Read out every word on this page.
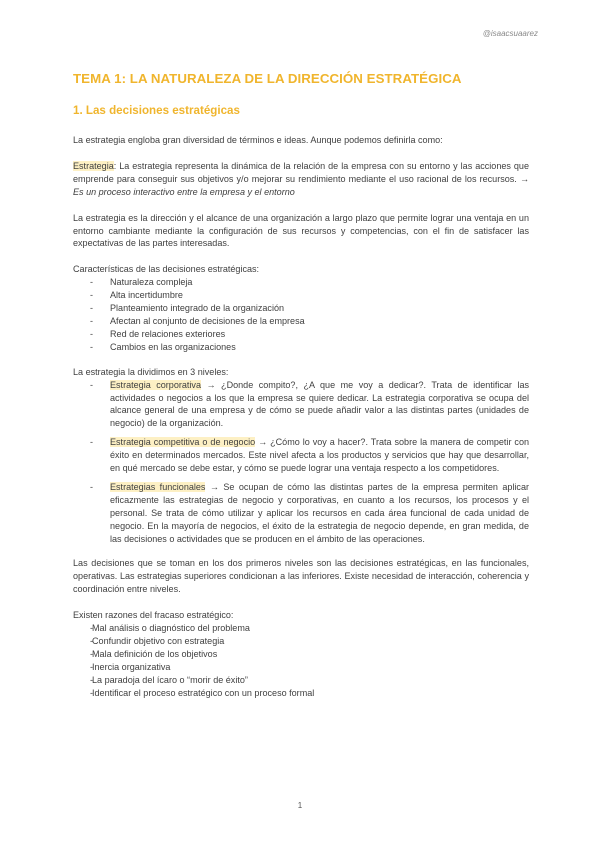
@isaacsuaarez
TEMA 1: LA NATURALEZA DE LA DIRECCIÓN ESTRATÉGICA
1. Las decisiones estratégicas

La estrategia engloba gran diversidad de términos e ideas. Aunque podemos definirla como:

Estrategia: La estrategia representa la dinámica de la relación de la empresa con su entorno y las acciones que emprende para conseguir sus objetivos y/o mejorar su rendimiento mediante el uso racional de los recursos. → Es un proceso interactivo entre la empresa y el entorno

La estrategia es la dirección y el alcance de una organización a largo plazo que permite lograr una ventaja en un entorno cambiante mediante la configuración de sus recursos y competencias, con el fin de satisfacer las expectativas de las partes interesadas.

Características de las decisiones estratégicas:

- Naturaleza compleja
- Alta incertidumbre
- Planteamiento integrado de la organización
- Afectan al conjunto de decisiones de la empresa
- Red de relaciones exteriores
- Cambios en las organizaciones

La estrategia la dividimos en 3 niveles:

- Estrategia corporativa → ¿Donde compito?, ¿A que me voy a dedicar?. Trata de identificar las actividades o negocios a los que la empresa se quiere dedicar. La estrategia corporativa se ocupa del alcance general de una empresa y de cómo se puede añadir valor a las distintas partes (unidades de negocio) de la organización.
- Estrategia competitiva o de negocio → ¿Cómo lo voy a hacer?. Trata sobre la manera de competir con éxito en determinados mercados. Este nivel afecta a los productos y servicios que hay que desarrollar, en qué mercado se debe estar, y cómo se puede lograr una ventaja respecto a los competidores.
- Estrategias funcionales → Se ocupan de cómo las distintas partes de la empresa permiten aplicar eficazmente las estrategias de negocio y corporativas, en cuanto a los recursos, los procesos y el personal. Se trata de cómo utilizar y aplicar los recursos en cada área funcional de cada unidad de negocio. En la mayoría de negocios, el éxito de la estrategia de negocio depende, en gran medida, de las decisiones o actividades que se producen en el ámbito de las operaciones.

Las decisiones que se toman en los dos primeros niveles son las decisiones estratégicas, en las funcionales, operativas. Las estrategias superiores condicionan a las inferiores. Existe necesidad de interacción, coherencia y coordinación entre niveles.

Existen razones del fracaso estratégico:

- Mal análisis o diagnóstico del problema
- Confundir objetivo con estrategia
- Mala definición de los objetivos
- Inercia organizativa
- La paradoja del ícaro o “morir de éxito”
- Identificar el proceso estratégico con un proceso formal
1
